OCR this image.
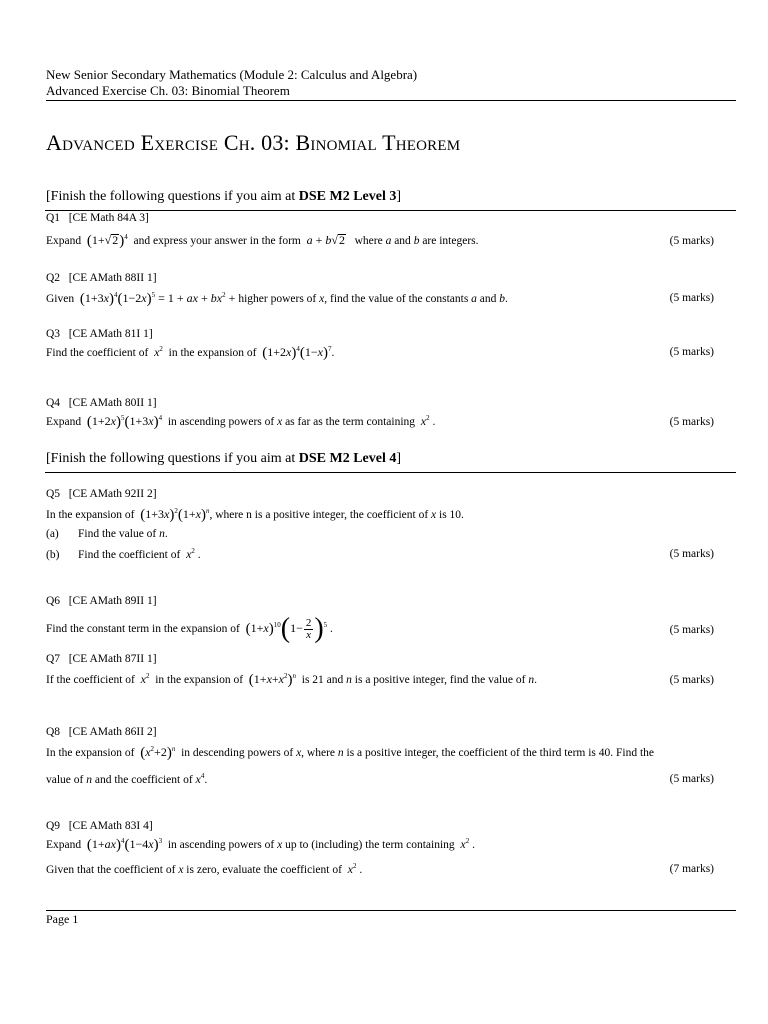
New Senior Secondary Mathematics (Module 2: Calculus and Algebra)
Advanced Exercise Ch. 03: Binomial Theorem
Advanced Exercise Ch. 03: Binomial Theorem
[Finish the following questions if you aim at DSE M2 Level 3]
Q1 [CE Math 84A 3]
Expand $(1+√2)^4$ and express your answer in the form a + b√2 where a and b are integers.	(5 marks)
Q2 [CE AMath 88II 1]
Given $(1+3x)^4(1-2x)^5 = 1$ + ax + $bx^2$ + higher powers of x, find the value of the constants a and b.	(5 marks)
Q3 [CE AMath 81I 1]
Find the coefficient of $x^2$ in the expansion of $(1+2x)^4(1-x)^7$.	(5 marks)
Q4 [CE AMath 80II 1]
Expand $(1+2x)^5(1+3x)^4$ in ascending powers of x as far as the term containing $x^2$ .	(5 marks)
[Finish the following questions if you aim at DSE M2 Level 4]
Q5 [CE AMath 92II 2]
In the expansion of $(1+3x)^2(1+x)^n$, where n is a positive integer, the coefficient of x is 10.
(a) Find the value of n.
(b) Find the coefficient of $x^2$ .	(5 marks)
Q6 [CE AMath 89II 1]
Find the constant term in the expansion of $(1+x)^{10}(1- \frac{2}{x} )^5$ .	(5 marks)
Q7 [CE AMath 87II 1]
If the coefficient of $x^2$ in the expansion of $(1+x+x^2)^n$ is 21 and n is a positive integer, find the value of n.	(5 marks)
Q8 [CE AMath 86II 2]
In the expansion of $(x^2+2)^n$ in descending powers of x, where n is a positive integer, the coefficient of the third term is 40. Find the
value of n and the coefficient of $x^4$.	(5 marks)
Q9 [CE AMath 83I 4]
Expand $(1+ax)^4(1-4x)^3$ in ascending powers of x up to (including) the term containing $x^2$ .
Given that the coefficient of x is zero, evaluate the coefficient of $x^2$ .	(7 marks)
Page 1
